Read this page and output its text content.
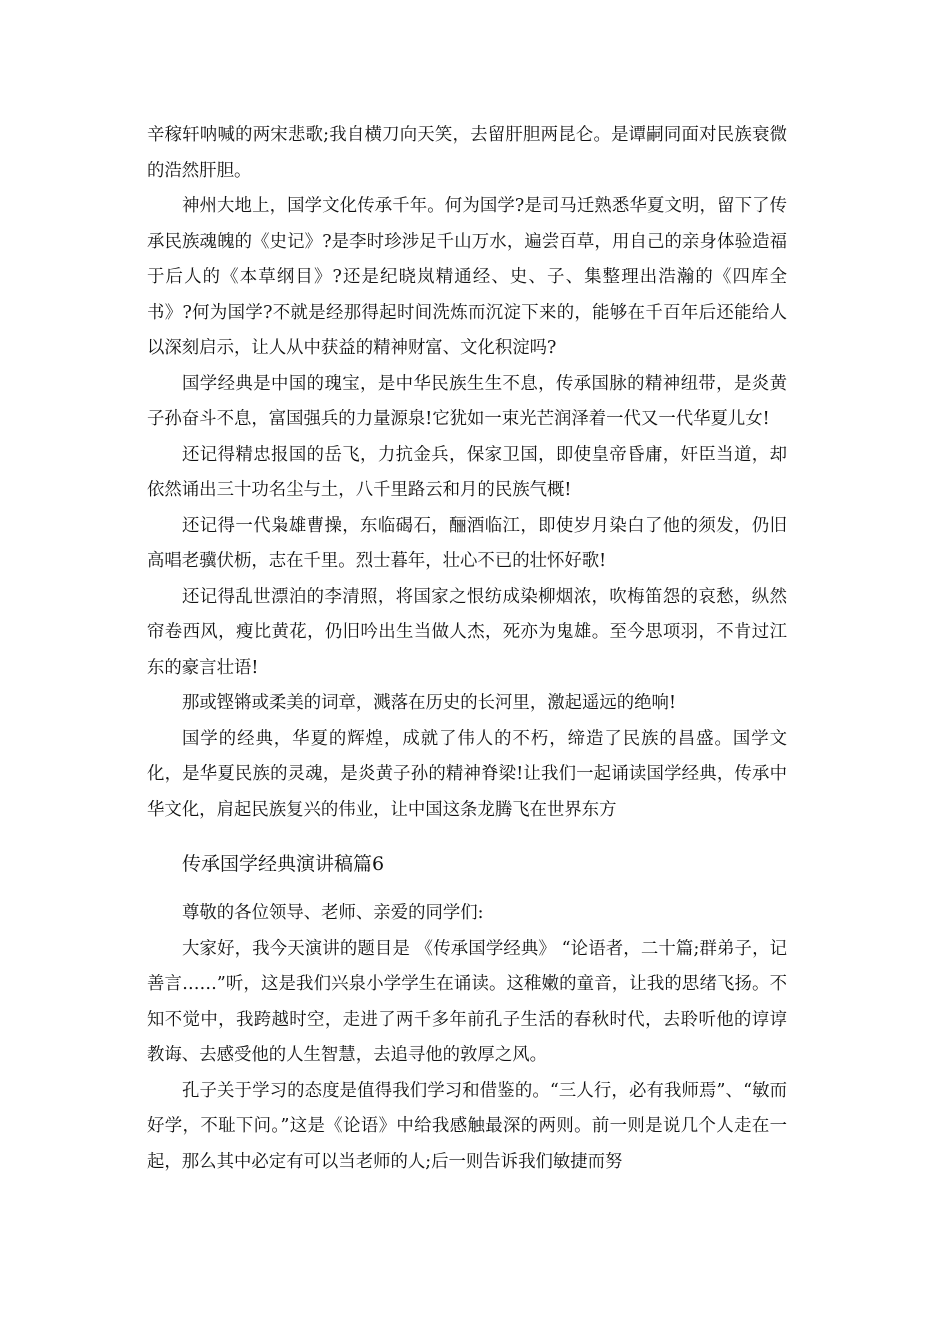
辛稼轩呐喊的两宋悲歌;我自横刀向天笑，去留肝胆两昆仑。是谭嗣同面对民族衰微的浩然肝胆。

神州大地上，国学文化传承千年。何为国学?是司马迁熟悉华夏文明，留下了传承民族魂魄的《史记》?是李时珍涉足千山万水，遍尝百草，用自己的亲身体验造福于后人的《本草纲目》?还是纪晓岚精通经、史、子、集整理出浩瀚的《四库全书》?何为国学?不就是经那得起时间洗炼而沉淀下来的，能够在千百年后还能给人以深刻启示，让人从中获益的精神财富、文化积淀吗?

国学经典是中国的瑰宝，是中华民族生生不息，传承国脉的精神纽带，是炎黄子孙奋斗不息，富国强兵的力量源泉!它犹如一束光芒润泽着一代又一代华夏儿女!

还记得精忠报国的岳飞，力抗金兵，保家卫国，即使皇帝昏庸，奸臣当道，却依然诵出三十功名尘与土，八千里路云和月的民族气概!

还记得一代枭雄曹操，东临碣石，酾酒临江，即使岁月染白了他的须发，仍旧高唱老骥伏枥，志在千里。烈士暮年，壮心不已的壮怀好歌!

还记得乱世漂泊的李清照，将国家之恨纺成染柳烟浓，吹梅笛怨的哀愁，纵然帘卷西风，瘦比黄花，仍旧吟出生当做人杰，死亦为鬼雄。至今思项羽，不肯过江东的豪言壮语!

那或铿锵或柔美的词章，溅落在历史的长河里，激起遥远的绝响!

国学的经典，华夏的辉煌，成就了伟人的不朽，缔造了民族的昌盛。国学文化，是华夏民族的灵魂，是炎黄子孙的精神脊梁!让我们一起诵读国学经典，传承中华文化，肩起民族复兴的伟业，让中国这条龙腾飞在世界东方

传承国学经典演讲稿篇6

尊敬的各位领导、老师、亲爱的同学们:

大家好，我今天演讲的题目是 《传承国学经典》 “论语者，二十篇;群弟子，记善言……”听，这是我们兴泉小学学生在诵读。这稚嫩的童音，让我的思绪飞扬。不知不觉中，我跨越时空，走进了两千多年前孔子生活的春秋时代，去聆听他的谆谆教诲、去感受他的人生智慧，去追寻他的敦厚之风。

孔子关于学习的态度是值得我们学习和借鉴的。“三人行，必有我师焉”、“敏而好学，不耻下问。”这是《论语》中给我感触最深的两则。前一则是说几个人走在一起，那么其中必定有可以当老师的人;后一则告诉我们敏捷而努
